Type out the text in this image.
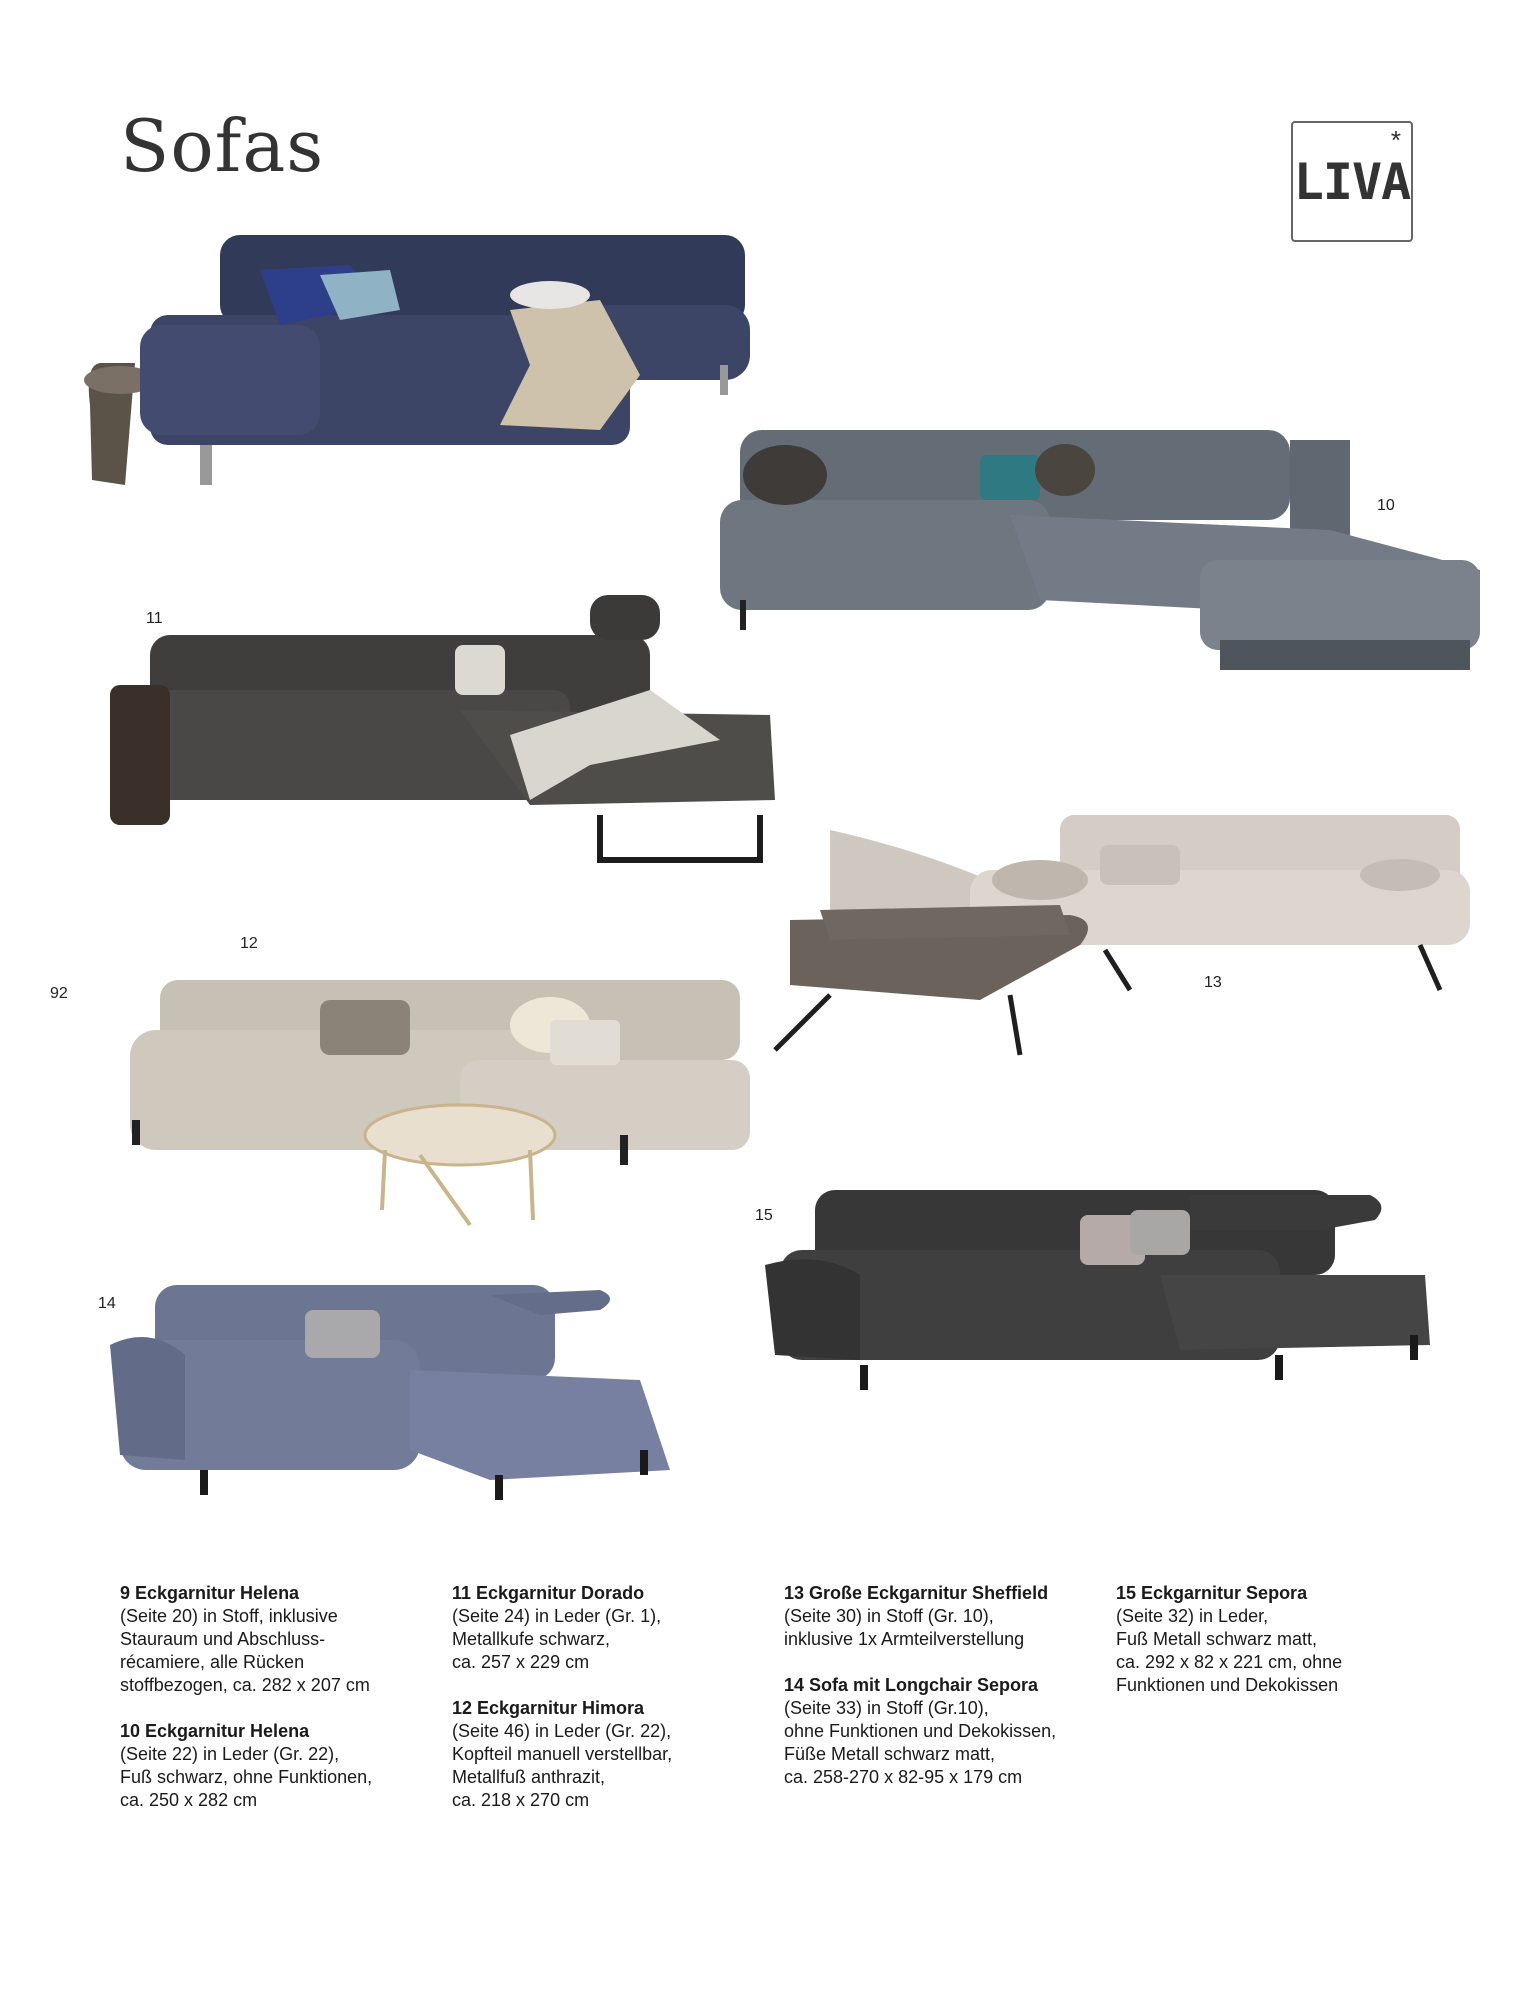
Sofas	*
LIVA
92
10
11
12
13
14
15
9 Eckgarnitur Helena
(Seite 20) in Stoff, inklusive
Stauraum und Abschluss-
récamiere, alle Rücken
stoffbezogen, ca. 282 x 207 cm
10 Eckgarnitur Helena
(Seite 22) in Leder (Gr. 22),
Fuß schwarz, ohne Funktionen,
ca. 250 x 282 cm
11 Eckgarnitur Dorado
(Seite 24) in Leder (Gr. 1),
Metallkufe schwarz,
ca. 257 x 229 cm
12 Eckgarnitur Himora
(Seite 46) in Leder (Gr. 22),
Kopfteil manuell verstellbar,
Metallfuß anthrazit,
ca. 218 x 270 cm
13 Große Eckgarnitur Sheffield
(Seite 30) in Stoff (Gr. 10),
inklusive 1x Armteilverstellung
14 Sofa mit Longchair Sepora
(Seite 33) in Stoff (Gr.10),
ohne Funktionen und Dekokissen,
Füße Metall schwarz matt,
ca. 258-270 x 82-95 x 179 cm
15 Eckgarnitur Sepora
(Seite 32) in Leder,
Fuß Metall schwarz matt,
ca. 292 x 82 x 221 cm, ohne
Funktionen und Dekokissen
